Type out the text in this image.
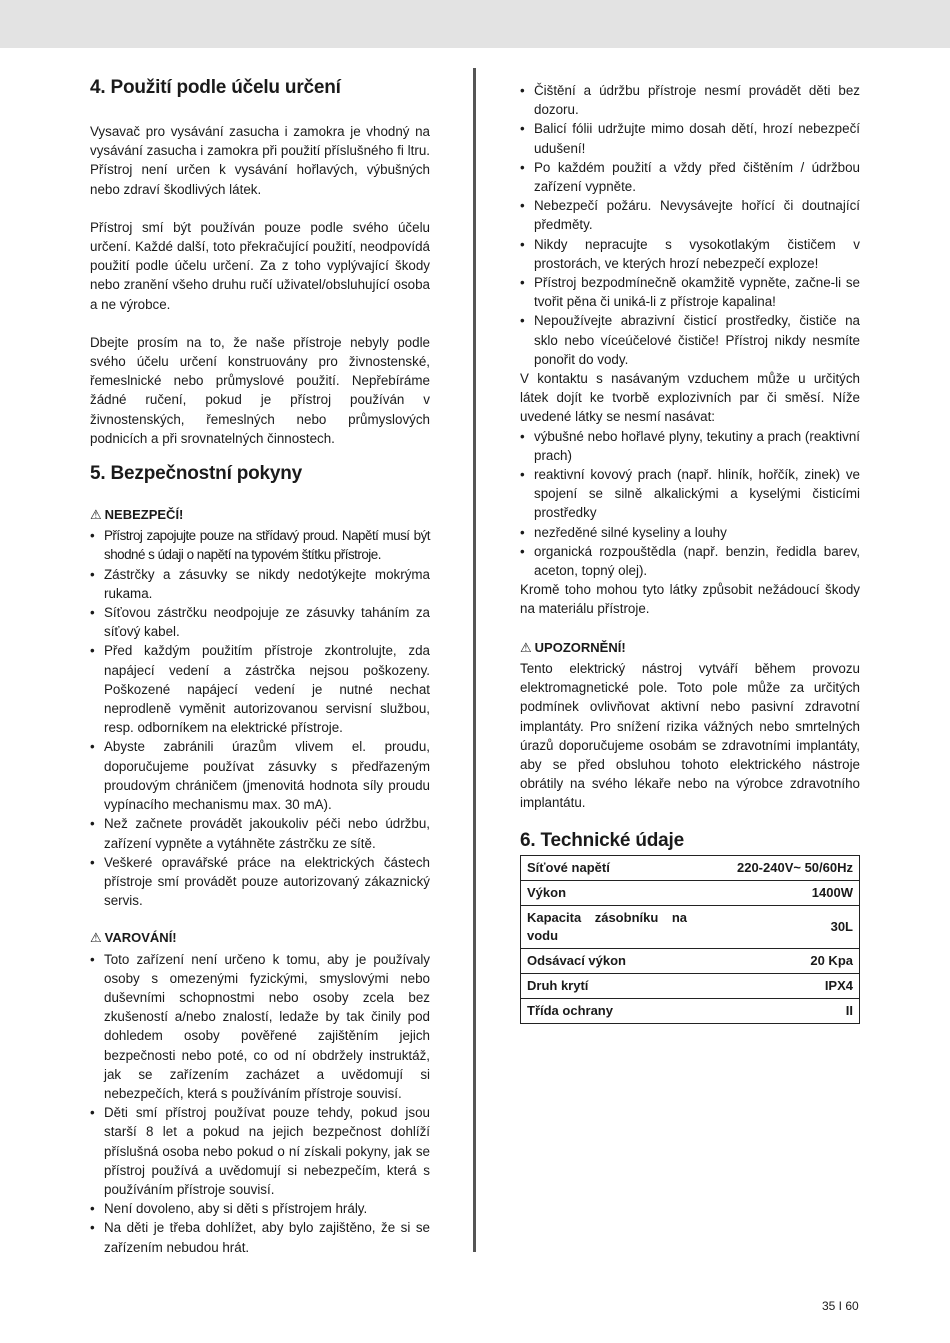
4. Použití podle účelu určení

Vysavač pro vysávání zasucha i zamokra je vhodný na vysávání zasucha i zamokra při použití příslušného fi ltru. Přístroj není určen k vysávání hořlavých, výbušných nebo zdraví škodlivých látek.

Přístroj smí být používán pouze podle svého účelu určení. Každé další, toto překračující použití, neodpovídá použití podle účelu určení. Za z toho vyplývající škody nebo zranění všeho druhu ručí uživatel/obsluhující osoba a ne výrobce.

Dbejte prosím na to, že naše přístroje nebyly podle svého účelu určení konstruovány pro živnostenské, řemeslnické nebo průmyslové použití. Nepřebíráme žádné ručení, pokud je přístroj používán v živnostenských, řemeslných nebo průmyslových podnicích a při srovnatelných činnostech.

5. Bezpečnostní pokyny
⚠ NEBEZPEČÍ!
• Přístroj zapojujte pouze na střídavý proud. Napětí musí být shodné s údaji o napětí na typovém štítku přístroje.
• Zástrčky a zásuvky se nikdy nedotýkejte mokrýma rukama.
• Síťovou zástrčku neodpojuje ze zásuvky taháním za síťový kabel.
• Před každým použitím přístroje zkontrolujte, zda napájecí vedení a zástrčka nejsou poškozeny. Poškozené napájecí vedení je nutné nechat neprodleně vyměnit autorizovanou servisní službou, resp. odborníkem na elektrické přístroje.
• Abyste zabránili úrazům vlivem el. proudu, doporučujeme používat zásuvky s předřazeným proudovým chráničem (jmenovitá hodnota síly proudu vypínacího mechanismu max. 30 mA).
• Než začnete provádět jakoukoliv péči nebo údržbu, zařízení vypněte a vytáhněte zástrčku ze sítě.
• Veškeré opravářské práce na elektrických částech přístroje smí provádět pouze autorizovaný zákaznický servis.
⚠ VAROVÁNÍ!
• Toto zařízení není určeno k tomu, aby je používaly osoby s omezenými fyzickými, smyslovými nebo duševními schopnostmi nebo osoby zcela bez zkušeností a/nebo znalostí, ledaže by tak činily pod dohledem osoby pověřené zajištěním jejich bezpečnosti nebo poté, co od ní obdržely instruktáž, jak se zařízením zacházet a uvědomují si nebezpečích, která s používáním přístroje souvisí.
• Děti smí přístroj používat pouze tehdy, pokud jsou starší 8 let a pokud na jejich bezpečnost dohlíží příslušná osoba nebo pokud o ní získali pokyny, jak se přístroj používá a uvědomují si nebezpečím, která s používáním přístroje souvisí.
• Není dovoleno, aby si děti s přístrojem hrály.
• Na děti je třeba dohlížet, aby bylo zajištěno, že si se zařízením nebudou hrát.
• Čištění a údržbu přístroje nesmí provádět děti bez dozoru.
• Balicí fólii udržujte mimo dosah dětí, hrozí nebezpečí udušení!
• Po každém použití a vždy před čištěním / údržbou zařízení vypněte.
• Nebezpečí požáru. Nevysávejte hořící či doutnající předměty.
• Nikdy nepracujte s vysokotlakým čističem v prostorách, ve kterých hrozí nebezpečí exploze!
• Přístroj bezpodmínečně okamžitě vypněte, začne-li se tvořit pěna či uniká-li z přístroje kapalina!
• Nepoužívejte abrazivní čisticí prostředky, čističe na sklo nebo víceúčelové čističe! Přístroj nikdy nesmíte ponořit do vody.

V kontaktu s nasávaným vzduchem může u určitých látek dojít ke tvorbě explozivních par či směsí. Níže uvedené látky se nesmí nasávat:

• výbušné nebo hořlavé plyny, tekutiny a prach (reaktivní prach)
• reaktivní kovový prach (např. hliník, hořčík, zinek) ve spojení se silně alkalickými a kyselými čisticími prostředky
• nezředěné silné kyseliny a louhy
• organická rozpouštědla (např. benzin, ředidla barev, aceton, topný olej).

Kromě toho mohou tyto látky způsobit nežádoucí škody na materiálu přístroje.

⚠ UPOZORNĚNÍ!

Tento elektrický nástroj vytváří během provozu elektromagnetické pole. Toto pole může za určitých podmínek ovlivňovat aktivní nebo pasivní zdravotní implantáty. Pro snížení rizika vážných nebo smrtelných úrazů doporučujeme osobám se zdravotními implantáty, aby se před obsluhou tohoto elektrického nástroje obrátily na svého lékaře nebo na výrobce zdravotního implantátu.

6. Technické údaje
Síťové napětí	220-240V~ 50/60Hz
Výkon	1400W
Kapacita zásobníku na vodu	30L
Odsávací výkon	20 Kpa
Druh krytí	IPX4
Třída ochrany	II
35 I 60
